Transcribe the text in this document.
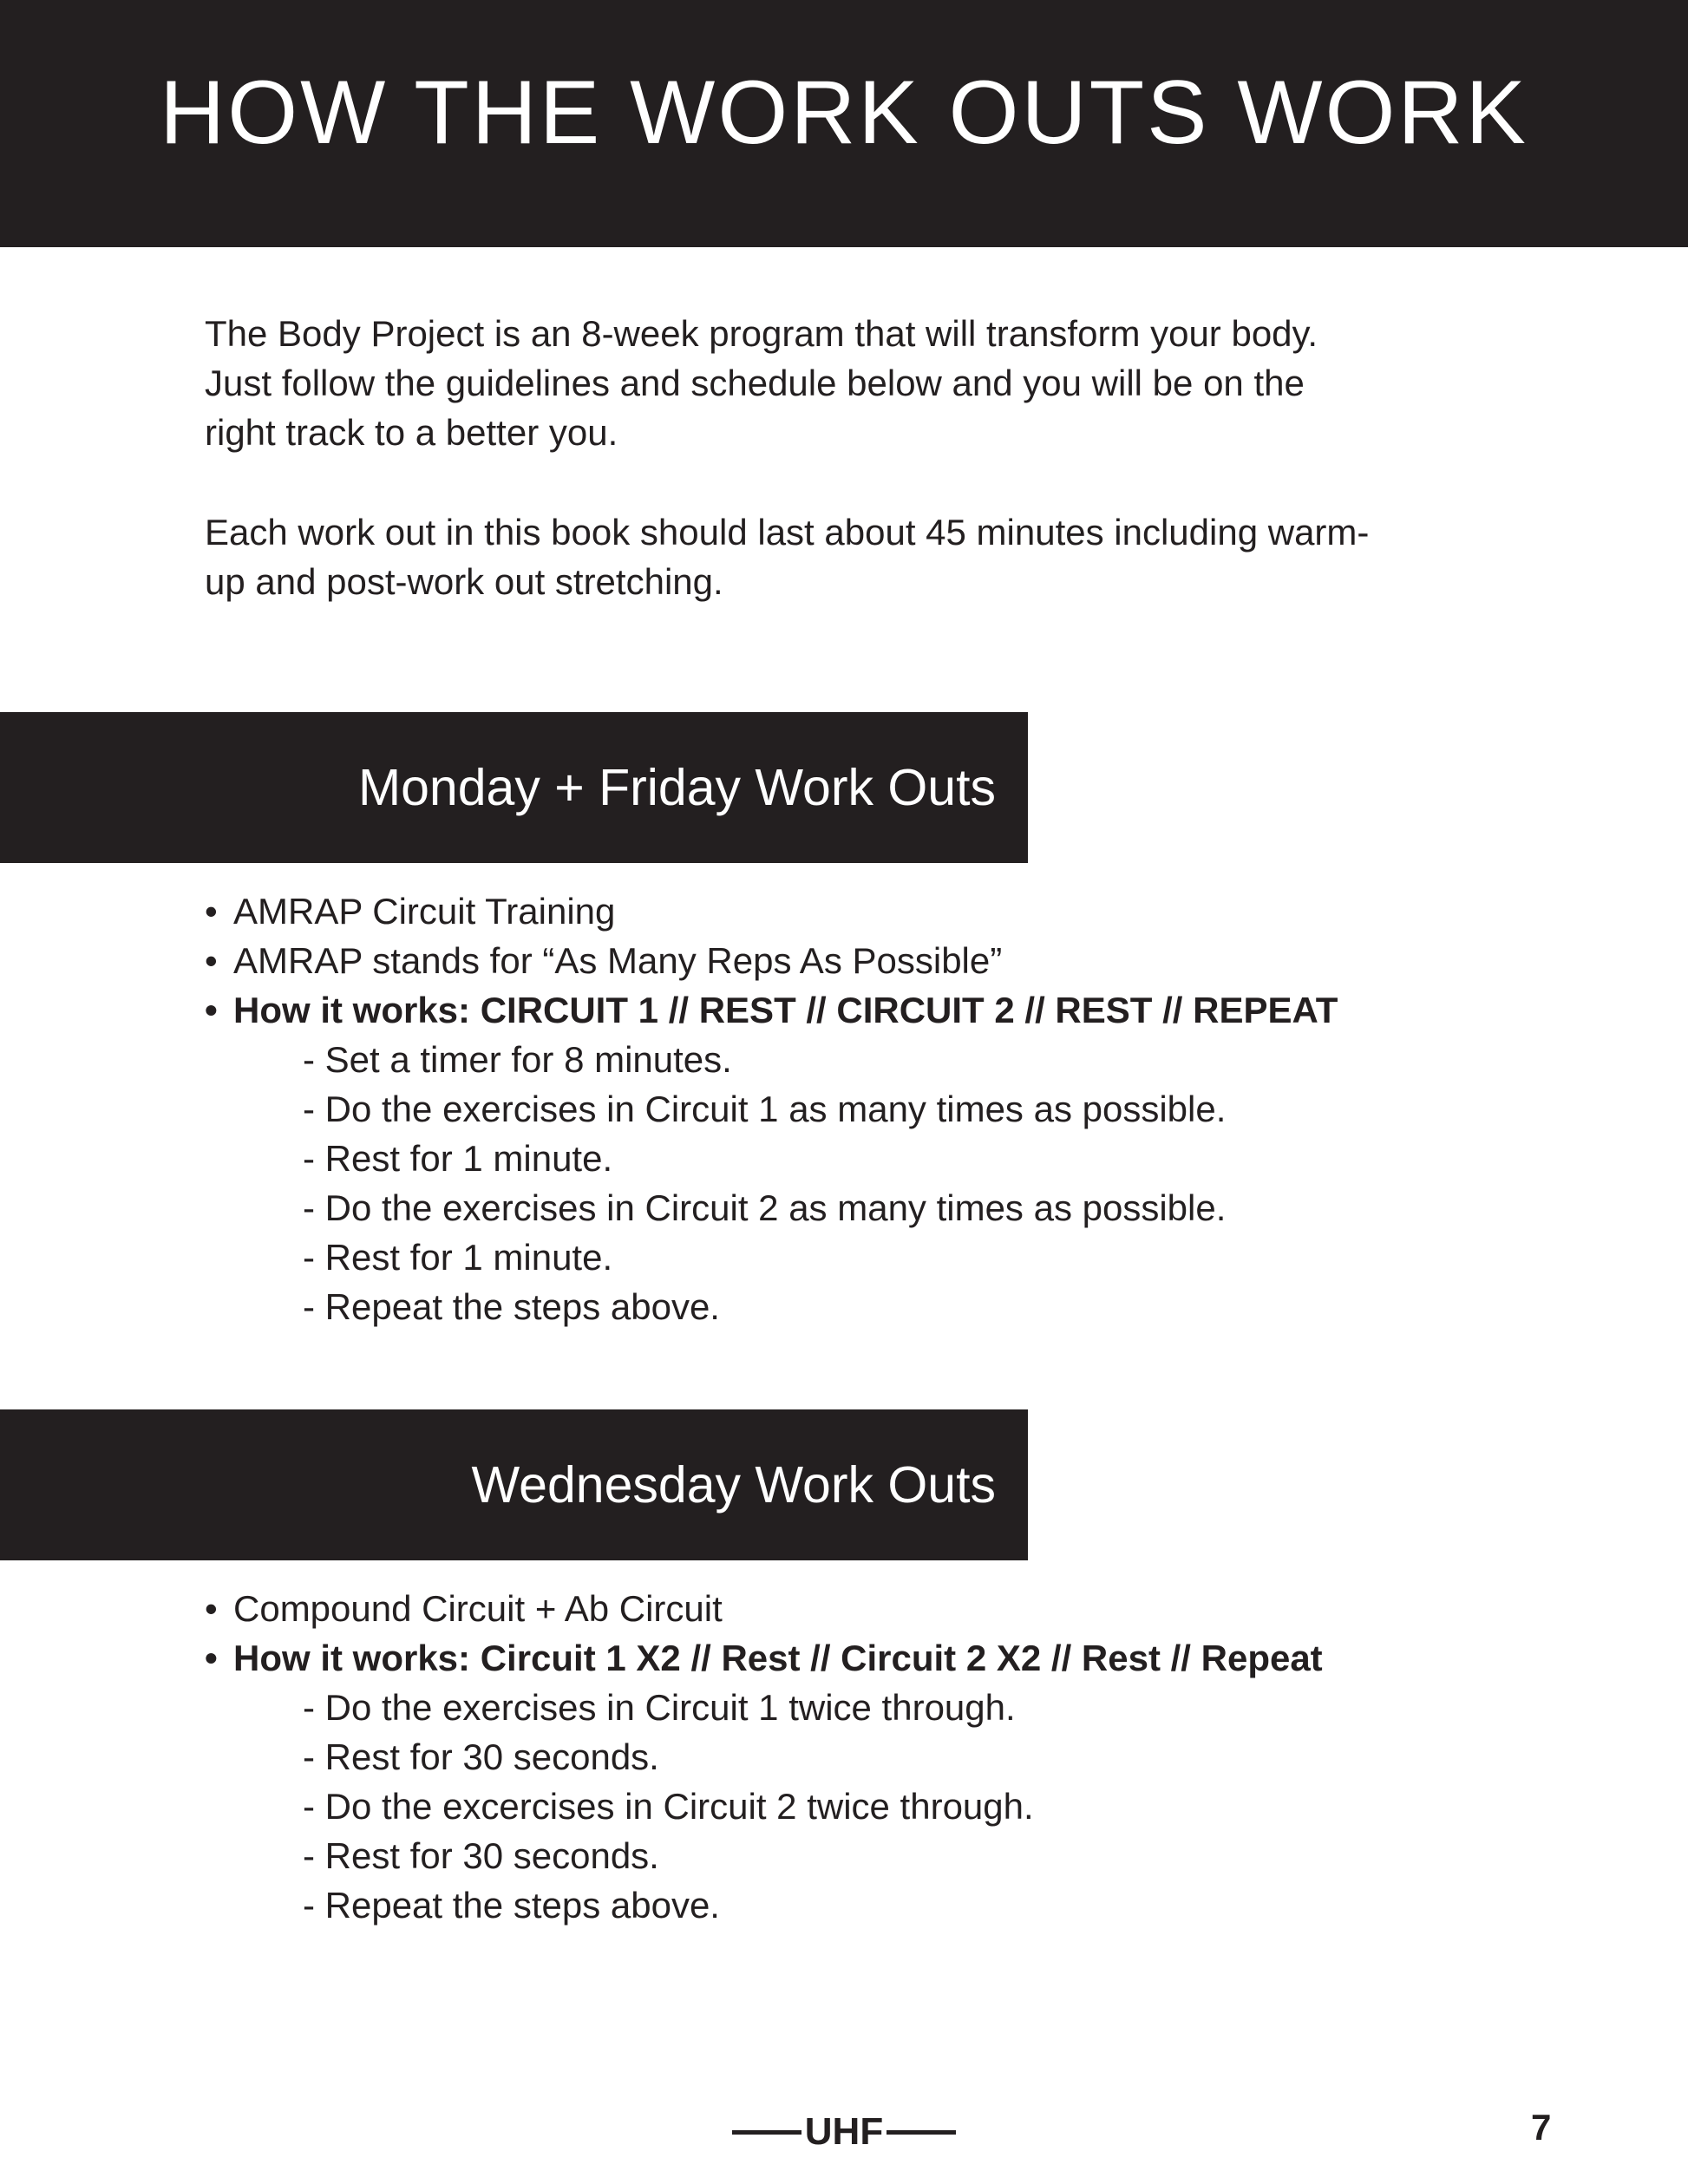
HOW THE WORK OUTS WORK

The Body Project is an 8-week program that will transform your body.

Just follow the guidelines and schedule below and you will be on the

right track to a better you.

Each work out in this book should last about 45 minutes including warm-

up and post-work out stretching.

Monday + Friday Work Outs
• AMRAP Circuit Training
• AMRAP stands for “As Many Reps As Possible”
• How it works: CIRCUIT 1 // REST // CIRCUIT 2 // REST // REPEAT
- Set a timer for 8 minutes.
- Do the exercises in Circuit 1 as many times as possible.
- Rest for 1 minute.
- Do the exercises in Circuit 2 as many times as possible.
- Rest for 1 minute.
- Repeat the steps above.
Wednesday Work Outs
• Compound Circuit + Ab Circuit
• How it works: Circuit 1 X2 // Rest // Circuit 2 X2 // Rest // Repeat
- Do the exercises in Circuit 1 twice through.
- Rest for 30 seconds.
- Do the excercises in Circuit 2 twice through.
- Rest for 30 seconds.
- Repeat the steps above.
UHF	7
